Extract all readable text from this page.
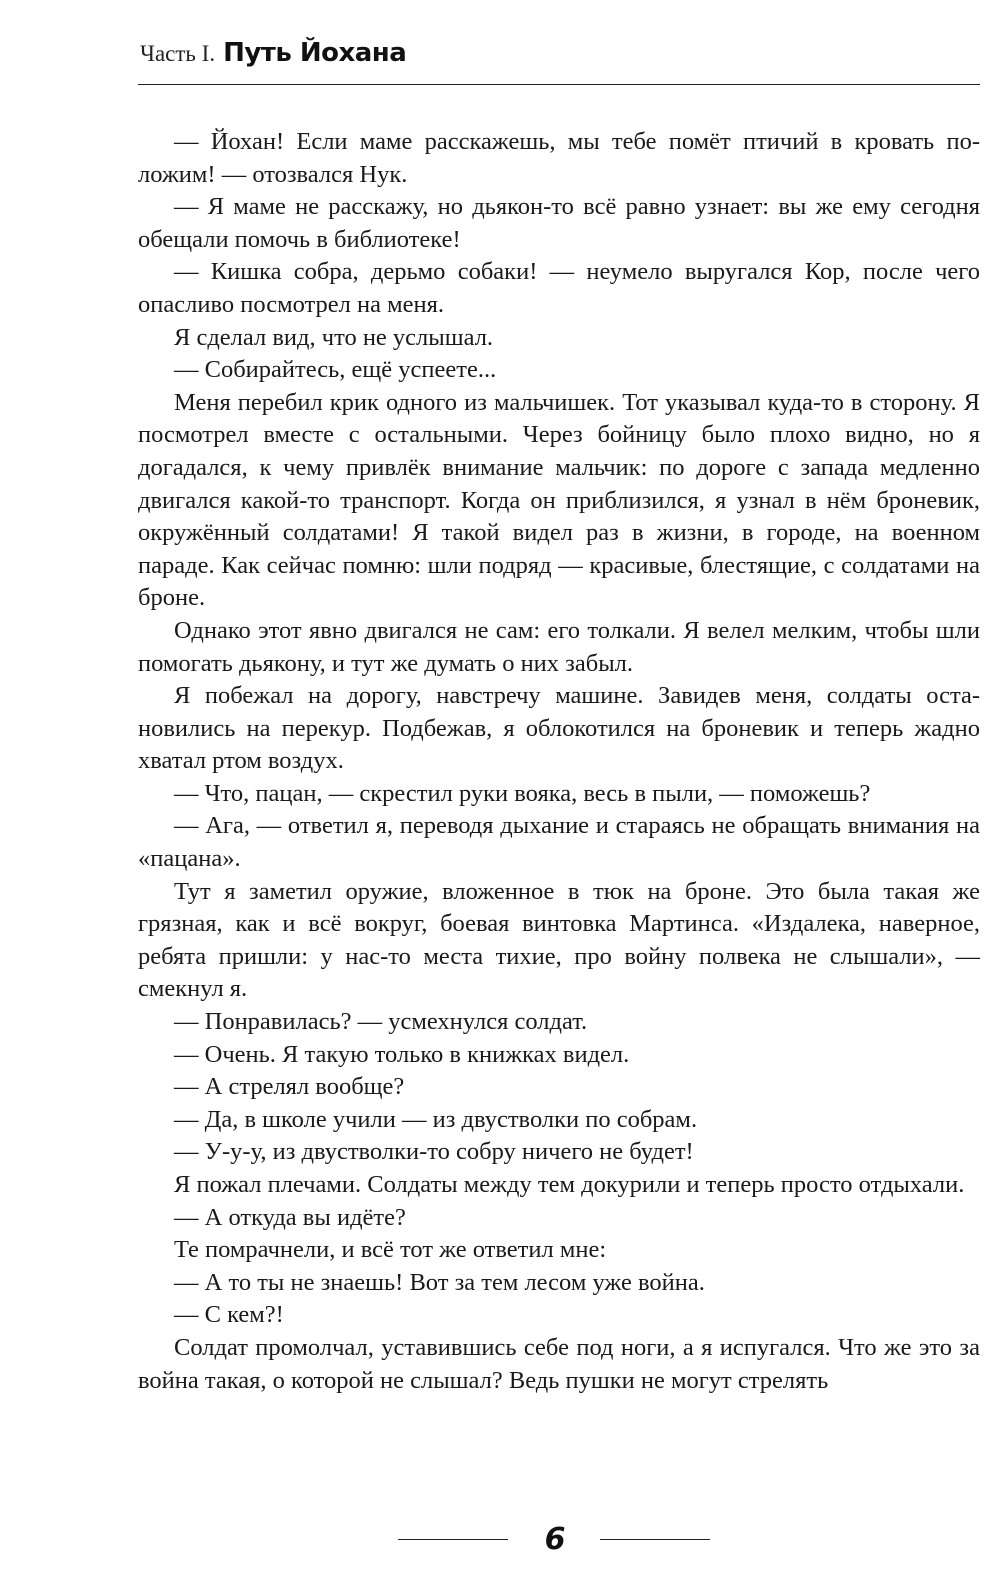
Часть I. Путь Йохана

— Йохан! Если маме расскажешь, мы тебе помёт птичий в кровать положим! — отозвался Нук.

— Я маме не расскажу, но дьякон-то всё равно узнает: вы же ему сегодня обещали помочь в библиотеке!

— Кишка собра, дерьмо собаки! — неумело выругался Кор, после чего опасливо посмотрел на меня.

Я сделал вид, что не услышал.

— Собирайтесь, ещё успеете...

Меня перебил крик одного из мальчишек. Тот указывал куда-то в сторону. Я посмотрел вместе с остальными. Через бойницу было плохо видно, но я догадался, к чему привлёк внимание мальчик: по дороге с запада медленно двигался какой-то транспорт. Когда он приблизился, я узнал в нём броневик, окружённый солдатами! Я такой видел раз в жизни, в городе, на военном параде. Как сейчас помню: шли подряд — красивые, блестящие, с солдатами на броне.

Однако этот явно двигался не сам: его толкали. Я велел мелким, чтобы шли помогать дьякону, и тут же думать о них забыл.

Я побежал на дорогу, навстречу машине. Завидев меня, солдаты остановились на перекур. Подбежав, я облокотился на броневик и теперь жадно хватал ртом воздух.

— Что, пацан, — скрестил руки вояка, весь в пыли, — поможешь?

— Ага, — ответил я, переводя дыхание и стараясь не обращать внимания на «пацана».

Тут я заметил оружие, вложенное в тюк на броне. Это была такая же грязная, как и всё вокруг, боевая винтовка Мартинса. «Издалека, наверное, ребята пришли: у нас-то места тихие, про войну полвека не слышали», — смекнул я.

— Понравилась? — усмехнулся солдат.

— Очень. Я такую только в книжках видел.

— А стрелял вообще?

— Да, в школе учили — из двустволки по собрам.

— У-у-у, из двустволки-то собру ничего не будет!

Я пожал плечами. Солдаты между тем докурили и теперь просто отдыхали.

— А откуда вы идёте?

Те помрачнели, и всё тот же ответил мне:

— А то ты не знаешь! Вот за тем лесом уже война.

— С кем?!

Солдат промолчал, уставившись себе под ноги, а я испугался. Что же это за война такая, о которой не слышал? Ведь пушки не могут стрелять

6
